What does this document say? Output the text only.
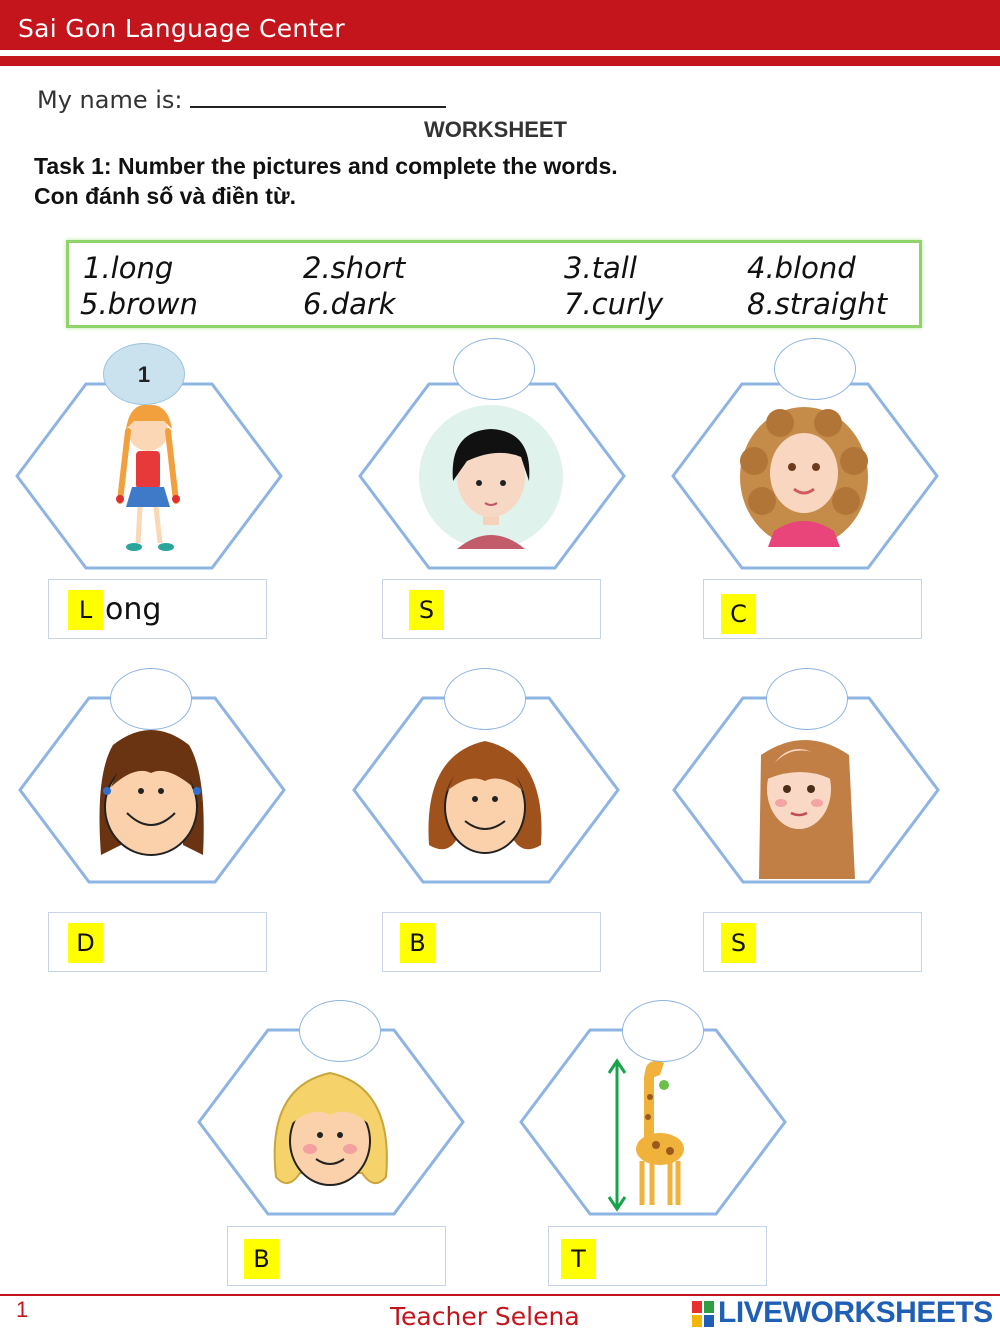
Sai Gon Language Center
My name is:
WORKSHEET
Task 1: Number the pictures and complete the words.
Con đánh số và điền từ.
1.long	2.short	3.tall	4.blond
5.brown	6.dark	7.curly	8.straight
1
L ong	S	C
D	B	S
B	T
1	Teacher Selena	LIVEWORKSHEETS
